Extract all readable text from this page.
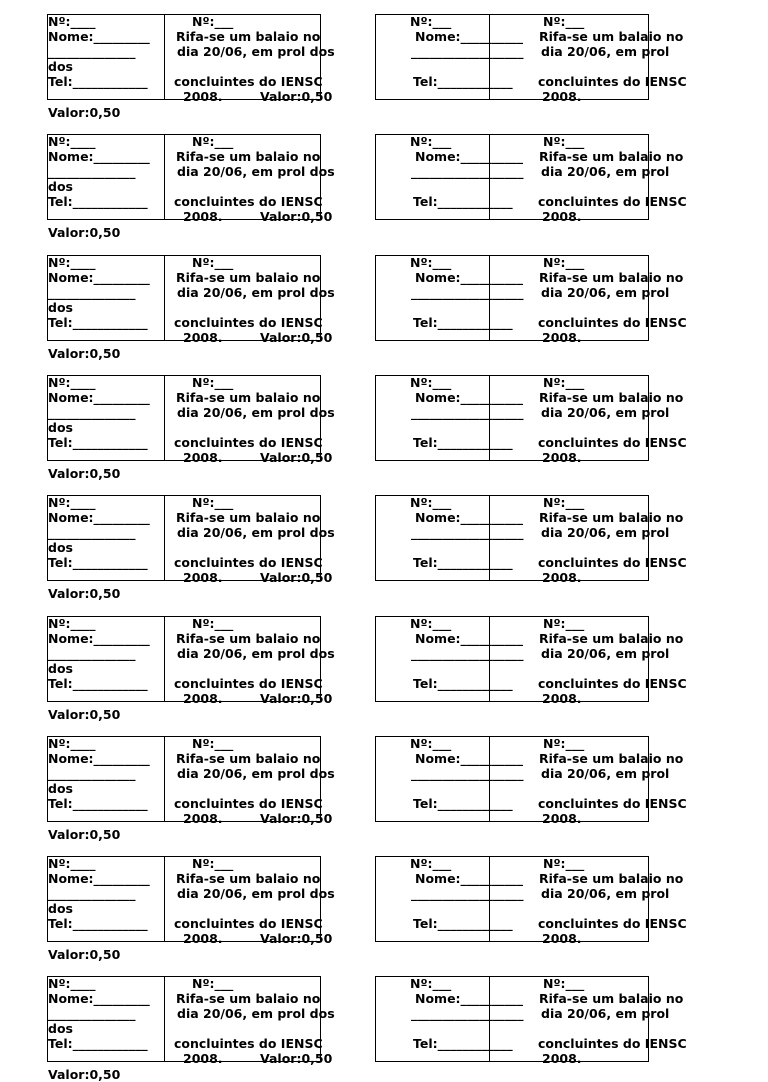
Nº:____	Nº:___
Nome:_________ Rifa-se um balaio no
______________	dia 20/06, em prol dos
dos
Tel:____________ concluintes do IENSC
2008.	Valor:0,50
Nº:___	Nº:___
Nome:__________ Rifa-se um balaio no
__________________ dia 20/06, em prol
Tel:____________ concluintes do IENSC
2008.
Valor:0,50
Nº:____	Nº:___
Nome:_________ Rifa-se um balaio no
______________	dia 20/06, em prol dos
dos
Tel:____________ concluintes do IENSC
2008.	Valor:0,50
Nº:___	Nº:___
Nome:__________ Rifa-se um balaio no
__________________ dia 20/06, em prol
Tel:____________ concluintes do IENSC
2008.
Valor:0,50
Nº:____	Nº:___
Nome:_________ Rifa-se um balaio no
______________	dia 20/06, em prol dos
dos
Tel:____________ concluintes do IENSC
2008.	Valor:0,50
Nº:___	Nº:___
Nome:__________ Rifa-se um balaio no
__________________ dia 20/06, em prol
Tel:____________ concluintes do IENSC
2008.
Valor:0,50
Nº:____	Nº:___
Nome:_________ Rifa-se um balaio no
______________	dia 20/06, em prol dos
dos
Tel:____________ concluintes do IENSC
2008.	Valor:0,50
Nº:___	Nº:___
Nome:__________ Rifa-se um balaio no
__________________ dia 20/06, em prol
Tel:____________ concluintes do IENSC
2008.
Valor:0,50
Nº:____	Nº:___
Nome:_________ Rifa-se um balaio no
______________	dia 20/06, em prol dos
dos
Tel:____________ concluintes do IENSC
2008.	Valor:0,50
Nº:___	Nº:___
Nome:__________ Rifa-se um balaio no
__________________ dia 20/06, em prol
Tel:____________ concluintes do IENSC
2008.
Valor:0,50
Nº:____	Nº:___
Nome:_________ Rifa-se um balaio no
______________	dia 20/06, em prol dos
dos
Tel:____________ concluintes do IENSC
2008.	Valor:0,50
Nº:___	Nº:___
Nome:__________ Rifa-se um balaio no
__________________ dia 20/06, em prol
Tel:____________ concluintes do IENSC
2008.
Valor:0,50
Nº:____	Nº:___
Nome:_________ Rifa-se um balaio no
______________	dia 20/06, em prol dos
dos
Tel:____________ concluintes do IENSC
2008.	Valor:0,50
Nº:___	Nº:___
Nome:__________ Rifa-se um balaio no
__________________ dia 20/06, em prol
Tel:____________ concluintes do IENSC
2008.
Valor:0,50
Nº:____	Nº:___
Nome:_________ Rifa-se um balaio no
______________	dia 20/06, em prol dos
dos
Tel:____________ concluintes do IENSC
2008.	Valor:0,50
Nº:___	Nº:___
Nome:__________ Rifa-se um balaio no
__________________ dia 20/06, em prol
Tel:____________ concluintes do IENSC
2008.
Valor:0,50
Nº:____	Nº:___
Nome:_________ Rifa-se um balaio no
______________	dia 20/06, em prol dos
dos
Tel:____________ concluintes do IENSC
2008.	Valor:0,50
Nº:___	Nº:___
Nome:__________ Rifa-se um balaio no
__________________ dia 20/06, em prol
Tel:____________ concluintes do IENSC
2008.
Valor:0,50
